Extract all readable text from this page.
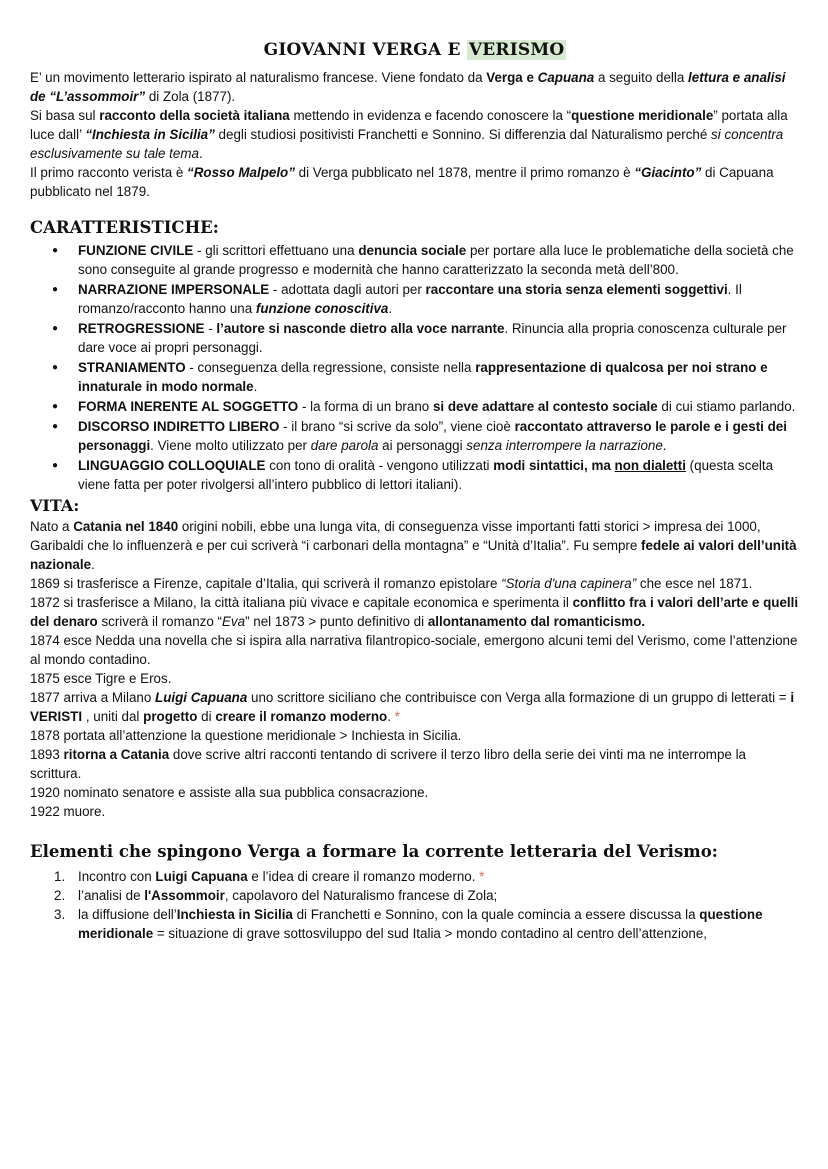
GIOVANNI VERGA E VERISMO

E’ un movimento letterario ispirato al naturalismo francese. Viene fondato da Verga e Capuana a seguito della lettura e analisi de “L’assommoir” di Zola (1877).

Si basa sul racconto della società italiana mettendo in evidenza e facendo conoscere la “questione meridionale” portata alla luce dall’ “Inchiesta in Sicilia” degli studiosi positivisti Franchetti e Sonnino. Si differenzia dal Naturalismo perché si concentra esclusivamente su tale tema.

Il primo racconto verista è “Rosso Malpelo” di Verga pubblicato nel 1878, mentre il primo romanzo è “Giacinto” di Capuana pubblicato nel 1879.

CARATTERISTICHE:
● FUNZIONE CIVILE - gli scrittori effettuano una denuncia sociale per portare alla luce le problematiche della società che sono conseguite al grande progresso e modernità che hanno caratterizzato la seconda metà dell’800.
● NARRAZIONE IMPERSONALE - adottata dagli autori per raccontare una storia senza elementi soggettivi. Il romanzo/racconto hanno una funzione conoscitiva.
● RETROGRESSIONE - l’autore si nasconde dietro alla voce narrante. Rinuncia alla propria conoscenza culturale per dare voce ai propri personaggi.
● STRANIAMENTO - conseguenza della regressione, consiste nella rappresentazione di qualcosa per noi strano e innaturale in modo normale.
● FORMA INERENTE AL SOGGETTO - la forma di un brano si deve adattare al contesto sociale di cui stiamo parlando.
● DISCORSO INDIRETTO LIBERO - il brano “si scrive da solo”, viene cioè raccontato attraverso le parole e i gesti dei personaggi. Viene molto utilizzato per dare parola ai personaggi senza interrompere la narrazione.
● LINGUAGGIO COLLOQUIALE con tono di oralità - vengono utilizzati modi sintattici, ma non dialetti (questa scelta viene fatta per poter rivolgersi all’intero pubblico di lettori italiani).
VITA:

Nato a Catania nel 1840 origini nobili, ebbe una lunga vita, di conseguenza visse importanti fatti storici > impresa dei 1000, Garibaldi che lo influenzerà e per cui scriverà “i carbonari della montagna” e “Unità d’Italia”. Fu sempre fedele ai valori dell’unità nazionale.

1869 si trasferisce a Firenze, capitale d’Italia, qui scriverà il romanzo epistolare “Storia d'una capinera” che esce nel 1871.

1872 si trasferisce a Milano, la città italiana più vivace e capitale economica e sperimenta il conflitto fra i valori dell’arte e quelli del denaro scriverà il romanzo “Eva” nel 1873 > punto definitivo di allontanamento dal romanticismo.

1874 esce Nedda una novella che si ispira alla narrativa filantropico-sociale, emergono alcuni temi del Verismo, come l’attenzione al mondo contadino.

1875 esce Tigre e Eros.

1877 arriva a Milano Luigi Capuana uno scrittore siciliano che contribuisce con Verga alla formazione di un gruppo di letterati = i VERISTI , uniti dal progetto di creare il romanzo moderno. *

1878 portata all’attenzione la questione meridionale > Inchiesta in Sicilia.

1893 ritorna a Catania dove scrive altri racconti tentando di scrivere il terzo libro della serie dei vinti ma ne interrompe la scrittura.

1920 nominato senatore e assiste alla sua pubblica consacrazione.

1922 muore.

Elementi che spingono Verga a formare la corrente letteraria del Verismo:
1. Incontro con Luigi Capuana e l’idea di creare il romanzo moderno. *
2. l’analisi de l'Assommoir, capolavoro del Naturalismo francese di Zola;
3. la diffusione dell’Inchiesta in Sicilia di Franchetti e Sonnino, con la quale comincia a essere discussa la questione meridionale = situazione di grave sottosviluppo del sud Italia > mondo contadino al centro dell’attenzione,
